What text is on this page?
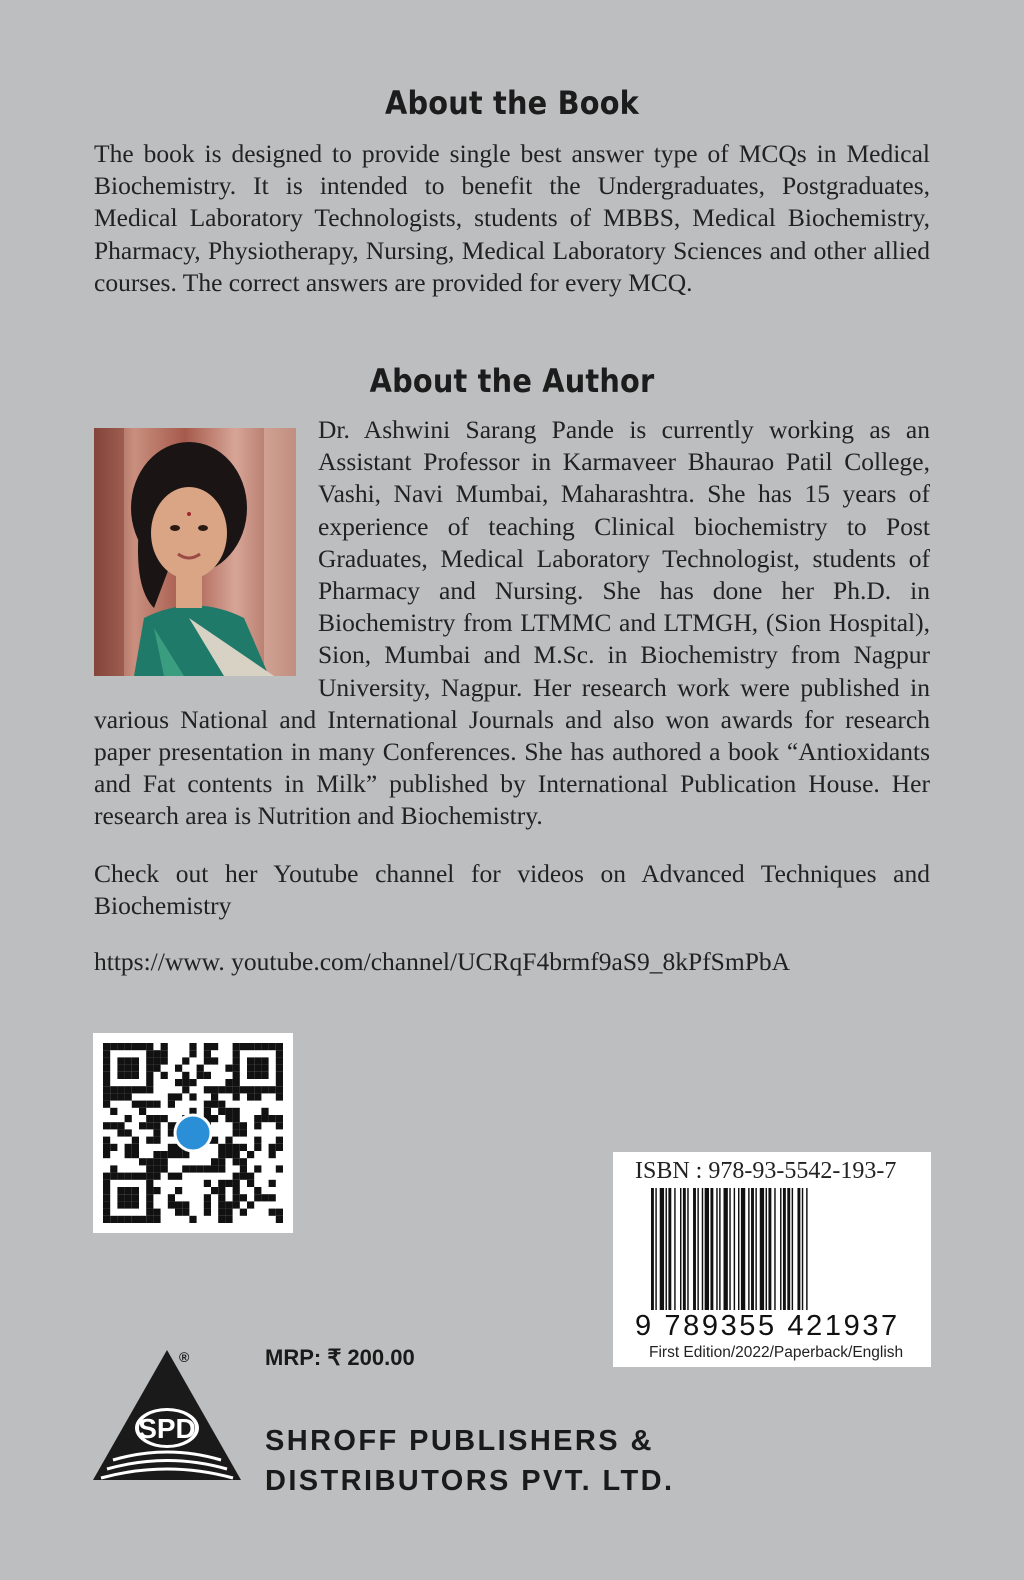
About the Book
The book is designed to provide single best answer type of MCQs in Medical Biochemistry. It is intended to benefit the Undergraduates, Postgraduates, Medical Laboratory Technologists, students of MBBS, Medical Biochemistry, Pharmacy, Physiotherapy, Nursing, Medical Laboratory Sciences and other allied courses. The correct answers are provided for every MCQ.
About the Author
Dr. Ashwini Sarang Pande is currently working as an Assistant Professor in Karmaveer Bhaurao Patil College, Vashi, Navi Mumbai, Maharashtra. She has 15 years of experience of teaching Clinical biochemistry to Post Graduates, Medical Laboratory Technologist, students of Pharmacy and Nursing. She has done her Ph.D. in Biochemistry from LTMMC and LTMGH, (Sion Hospital), Sion, Mumbai and M.Sc. in Biochemistry from Nagpur University, Nagpur. Her research work were published in various National and International Journals and also won awards for research paper presentation in many Conferences. She has authored a book “Antioxidants and Fat contents in Milk” published by International Publication House. Her research area is Nutrition and Biochemistry.
Check out her Youtube channel for videos on Advanced Techniques and Biochemistry
https://www. youtube.com/channel/UCRqF4brmf9aS9_8kPfSmPbA
ISBN : 978-93-5542-193-7
9 789355 421937
First Edition/2022/Paperback/English
MRP: ₹ 200.00
®
SPD SHROFF PUBLISHERS &
DISTRIBUTORS PVT. LTD.
